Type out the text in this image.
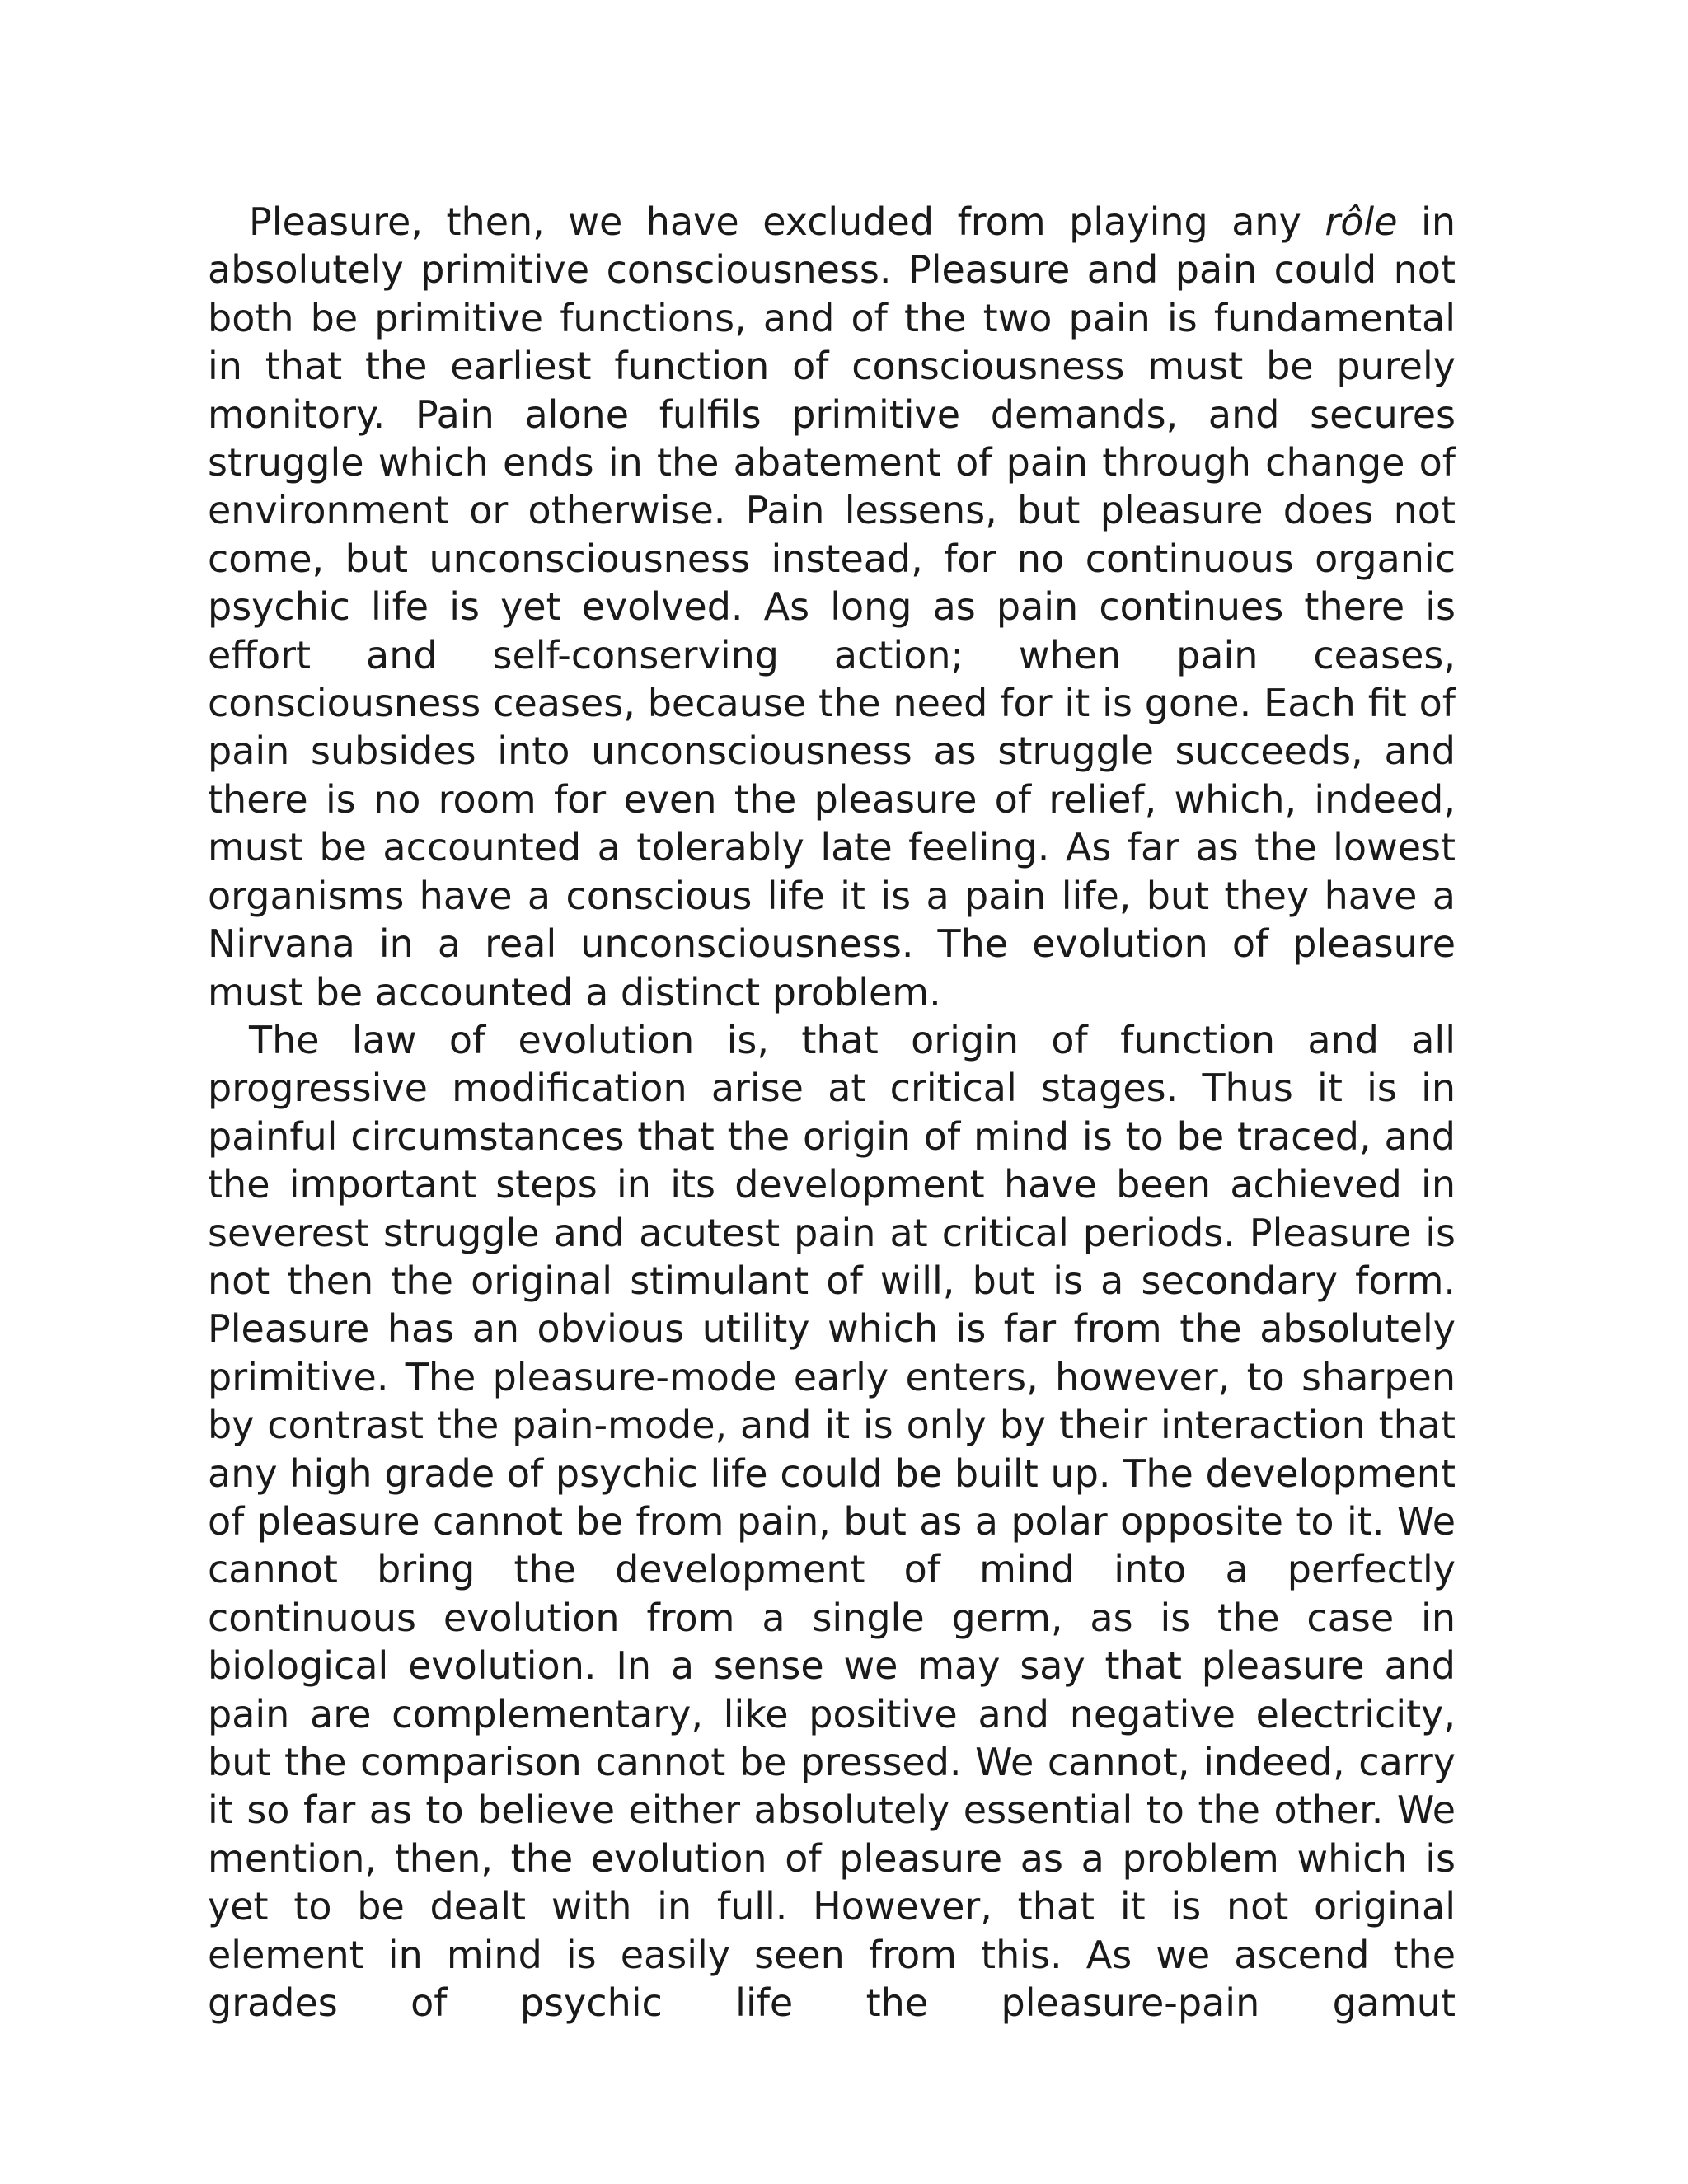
Pleasure, then, we have excluded from playing any rôle in absolutely primitive consciousness. Pleasure and pain could not both be primitive functions, and of the two pain is fundamental in that the earliest function of consciousness must be purely monitory. Pain alone fulfils primitive demands, and secures struggle which ends in the abatement of pain through change of environment or otherwise. Pain lessens, but pleasure does not come, but unconsciousness instead, for no continuous organic psychic life is yet evolved. As long as pain continues there is effort and self-conserving action; when pain ceases, consciousness ceases, because the need for it is gone. Each fit of pain subsides into unconsciousness as struggle succeeds, and there is no room for even the pleasure of relief, which, indeed, must be accounted a tolerably late feeling. As far as the lowest organisms have a conscious life it is a pain life, but they have a Nirvana in a real unconsciousness. The evolution of pleasure must be accounted a distinct problem.

The law of evolution is, that origin of function and all progressive modification arise at critical stages. Thus it is in painful circumstances that the origin of mind is to be traced, and the important steps in its development have been achieved in severest struggle and acutest pain at critical periods. Pleasure is not then the original stimulant of will, but is a secondary form. Pleasure has an obvious utility which is far from the absolutely primitive. The pleasure-mode early enters, however, to sharpen by contrast the pain-mode, and it is only by their interaction that any high grade of psychic life could be built up. The development of pleasure cannot be from pain, but as a polar opposite to it. We cannot bring the development of mind into a perfectly continuous evolution from a single germ, as is the case in biological evolution. In a sense we may say that pleasure and pain are complementary, like positive and negative electricity, but the comparison cannot be pressed. We cannot, indeed, carry it so far as to believe either absolutely essential to the other. We mention, then, the evolution of pleasure as a problem which is yet to be dealt with in full. However, that it is not original element in mind is easily seen from this. As we ascend the grades of psychic life the pleasure-pain gamut
